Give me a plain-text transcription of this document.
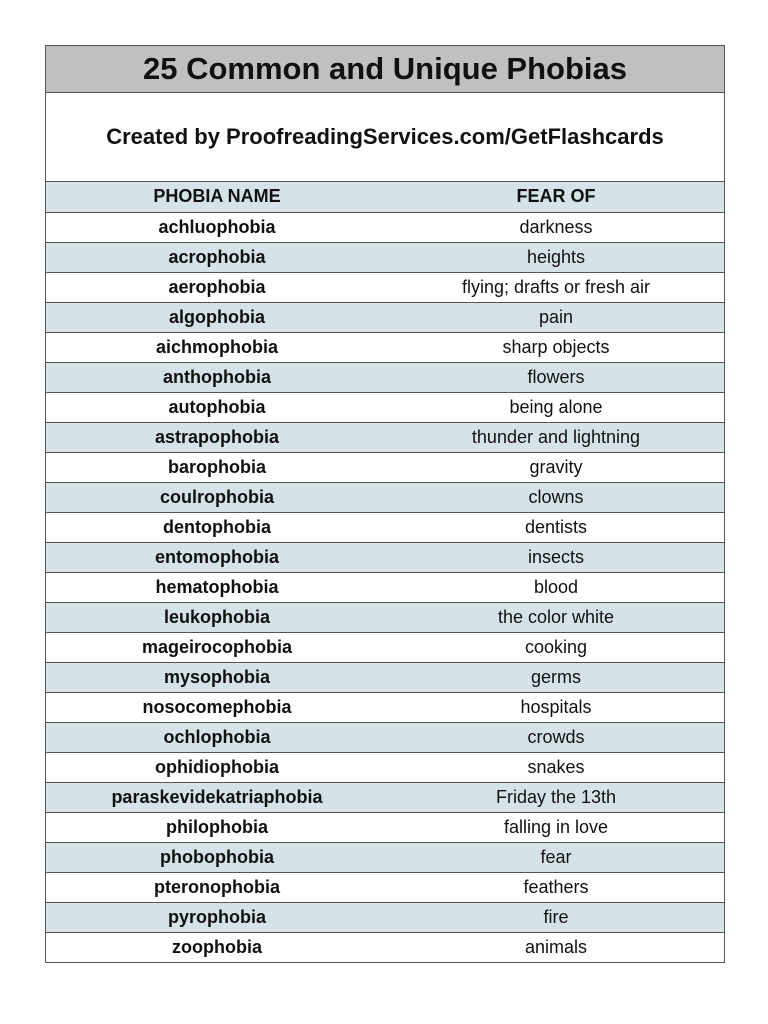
25 Common and Unique Phobias
Created by ProofreadingServices.com/GetFlashcards
PHOBIA NAME	FEAR OF
achluophobia	darkness
acrophobia	heights
aerophobia	flying; drafts or fresh air
algophobia	pain
aichmophobia	sharp objects
anthophobia	flowers
autophobia	being alone
astrapophobia	thunder and lightning
barophobia	gravity
coulrophobia	clowns
dentophobia	dentists
entomophobia	insects
hematophobia	blood
leukophobia	the color white
mageirocophobia	cooking
mysophobia	germs
nosocomephobia	hospitals
ochlophobia	crowds
ophidiophobia	snakes
paraskevidekatriaphobia	Friday the 13th
philophobia	falling in love
phobophobia	fear
pteronophobia	feathers
pyrophobia	fire
zoophobia	animals
